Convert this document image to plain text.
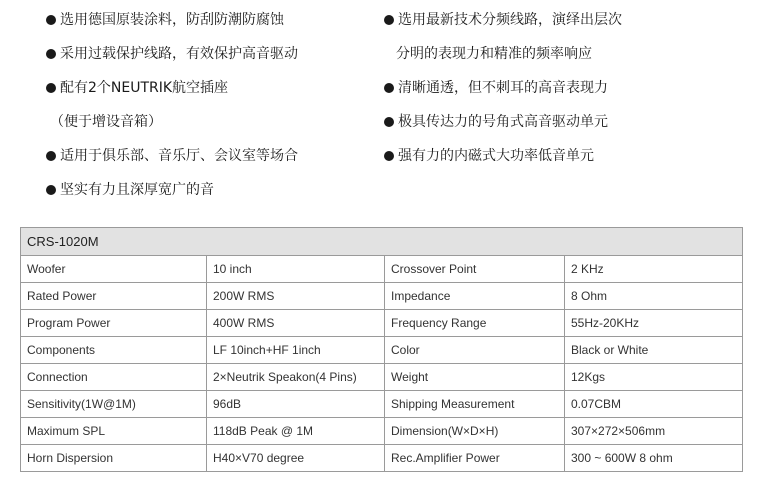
选用德国原装涂料，防刮防潮防腐蚀
采用过载保护线路，有效保护高音驱动
配有2个NEUTRIK航空插座
（便于增设音箱）
适用于俱乐部、音乐厅、会议室等场合
坚实有力且深厚宽广的音
选用最新技术分频线路，演绎出层次
分明的表现力和精准的频率响应
清晰通透，但不刺耳的高音表现力
极具传达力的号角式高音驱动单元
强有力的内磁式大功率低音单元
CRS-1020M			
Woofer	10 inch	Crossover Point	2 KHz
Rated Power	200W RMS	Impedance	8 Ohm
Program Power	400W RMS	Frequency Range	55Hz-20KHz
Components	LF 10inch+HF 1inch	Color	Black or White
Connection	2×Neutrik Speakon(4 Pins)	Weight	12Kgs
Sensitivity(1W@1M)	96dB	Shipping Measurement	0.07CBM
Maximum SPL	118dB Peak @ 1M	Dimension(W×D×H)	307×272×506mm
Horn Dispersion	H40×V70 degree	Rec.Amplifier Power	300 ~ 600W 8 ohm
